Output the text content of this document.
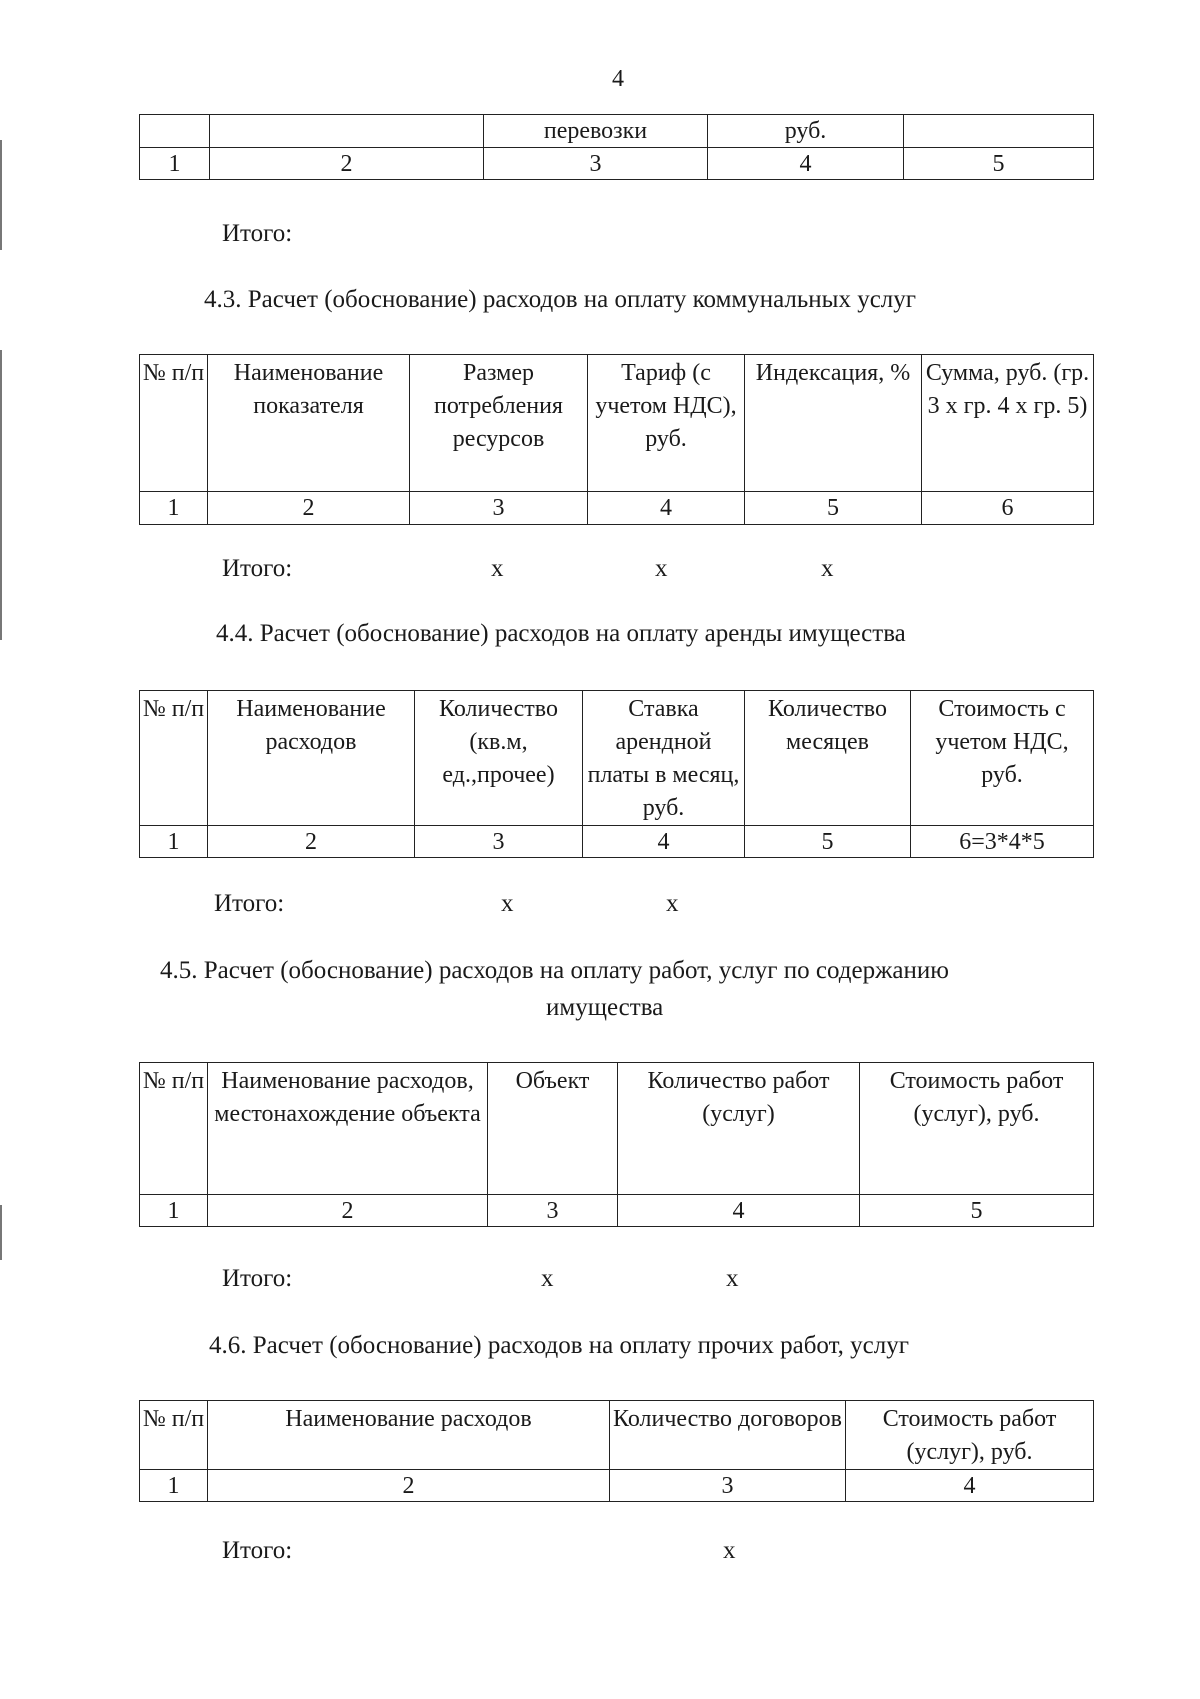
4
		перевозки	руб.	
1	2	3	4	5
Итого:
4.3. Расчет (обоснование) расходов на оплату коммунальных услуг
№ п/п	Наименование показателя	Размер потребления ресурсов	Тариф (с учетом НДС), руб.	Индексация, %	Сумма, руб. (гр. 3 х гр. 4 х гр. 5)
1	2	3	4	5	6
Итого:	х	х	х
4.4. Расчет (обоснование) расходов на оплату аренды имущества
№ п/п	Наименование расходов	Количество (кв.м, ед.,прочее)	Ставка арендной платы в месяц, руб.	Количество месяцев	Стоимость с учетом НДС, руб.
1	2	3	4	5	6=3*4*5
Итого:	х	х
4.5. Расчет (обоснование) расходов на оплату работ, услуг по содержанию
имущества
№ п/п	Наименование расходов, местонахождение объекта	Объект	Количество работ (услуг)	Стоимость работ (услуг), руб.
1	2	3	4	5
Итого:	х	х
4.6. Расчет (обоснование) расходов на оплату прочих работ, услуг
№ п/п	Наименование расходов	Количество договоров	Стоимость работ (услуг), руб.
1	2	3	4
Итого:	х
